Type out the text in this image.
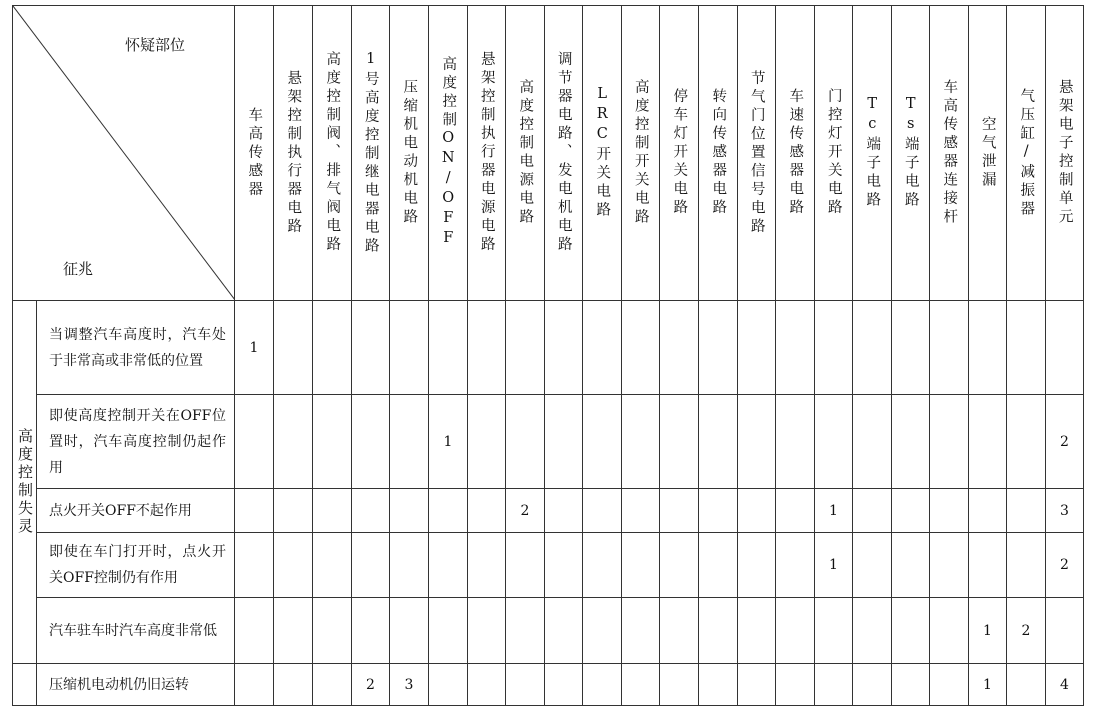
怀疑部位
征兆		车高传感器	悬架控制执行器电路	高度控制阀、排气阀电路	1号高度控制继电器电路	压缩机电动机电路	高度控制ON/OFF	悬架控制执行器电源电路	高度控制电源电路	调节器电路、发电机电路	LRC开关电路	高度控制开关电路	停车灯开关电路	转向传感器电路	节气门位置信号电路	车速传感器电路	门控灯开关电路	Tc端子电路	Ts端子电路	车高传感器连接杆	空气泄漏	气压缸/减振器	悬架电子控制单元

高度控制失灵	当调整汽车高度时，汽车处于非常高或非常低的位置	1																					
	即使高度控制开关在OFF位置时，汽车高度控制仍起作用						1																2
	点火开关OFF不起作用								2								1						3
	即使在车门打开时，点火开关OFF控制仍有作用																1						2
	汽车驻车时汽车高度非常低																				1	2	
	压缩机电动机仍旧运转				2	3															1		4
